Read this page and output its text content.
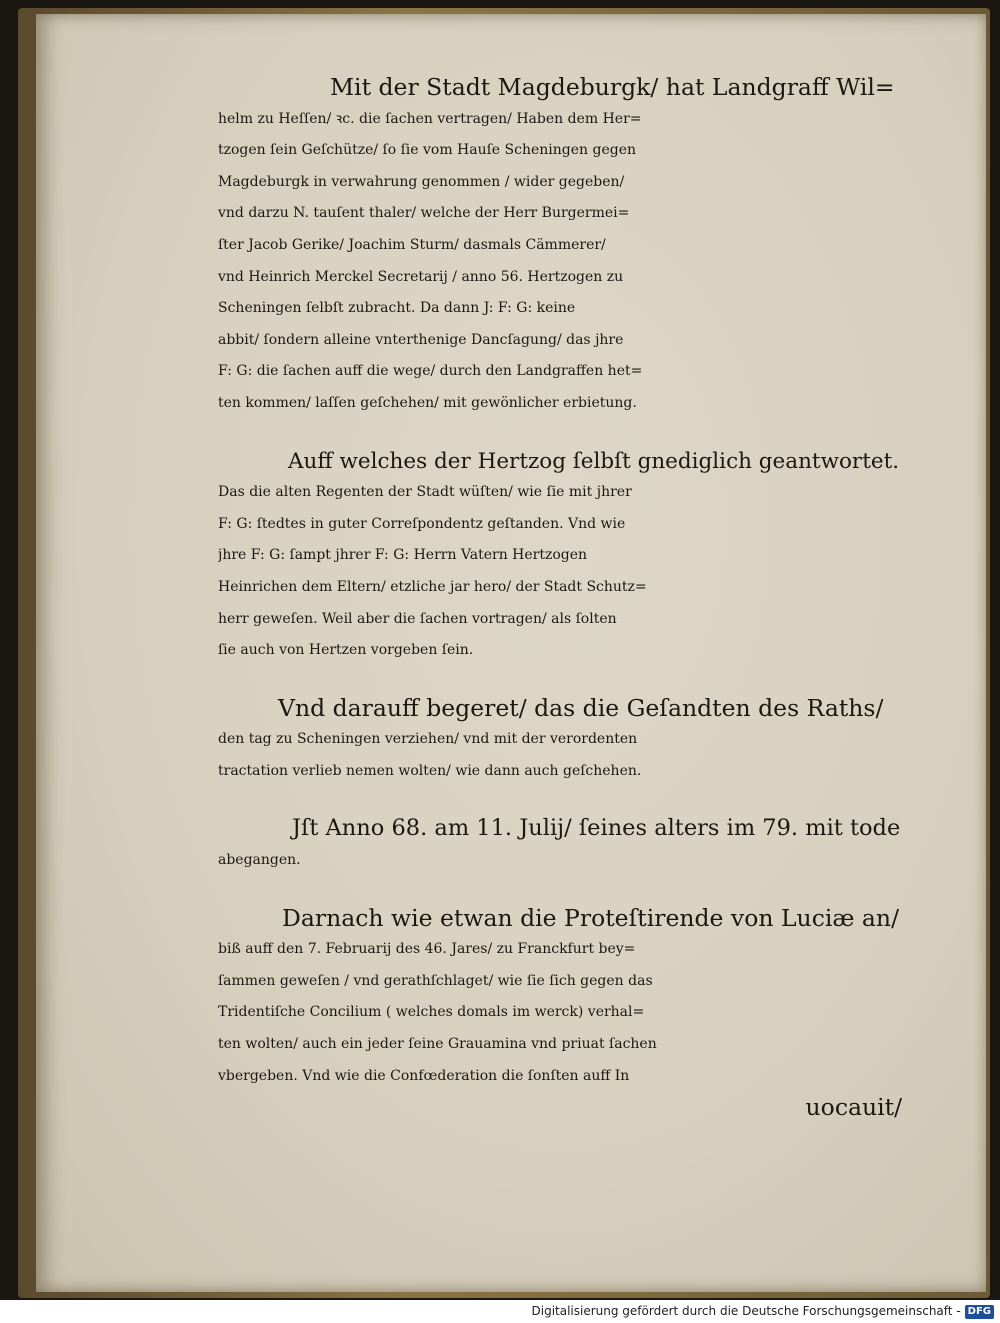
Mit der Stadt Magdeburgk/ hat Landgraff Wil=
helm zu Heſſen/ ꝛc. die ſachen vertragen/ Haben dem Her=
tzogen ſein Geſchütze/ ſo ſie vom Hauſe Scheningen gegen
Magdeburgk in verwahrung genommen / wider gegeben/
vnd darzu N. tauſent thaler/ welche der Herr Burgermei=
ſter Jacob Gerike/ Joachim Sturm/ dasmals Cämmerer/
vnd Heinrich Merckel Secretarij / anno 56. Hertzogen zu
Scheningen ſelbſt zubracht. Da dann J: F: G: keine
abbit/ ſondern alleine vnterthenige Dancſagung/ das jhre
F: G: die ſachen auff die wege/ durch den Landgraffen het=
ten kommen/ laſſen geſchehen/ mit gewönlicher erbietung.
Auff welches der Hertzog ſelbſt gnediglich geantwortet.
Das die alten Regenten der Stadt wüſten/ wie ſie mit jhrer
F: G: ſtedtes in guter Correſpondentz geſtanden. Vnd wie
jhre F: G: ſampt jhrer F: G: Herrn Vatern Hertzogen
Heinrichen dem Eltern/ etzliche jar hero/ der Stadt Schutz=
herr geweſen. Weil aber die ſachen vortragen/ als ſolten
ſie auch von Hertzen vorgeben ſein.
Vnd darauff begeret/ das die Geſandten des Raths/
den tag zu Scheningen verziehen/ vnd mit der verordenten
tractation verlieb nemen wolten/ wie dann auch geſchehen.
Jſt Anno 68. am 11. Julij/ ſeines alters im 79. mit tode
abegangen.
Darnach wie etwan die Proteſtirende von Luciæ an/
biß auff den 7. Februarij des 46. Jares/ zu Franckfurt bey=
ſammen geweſen / vnd gerathſchlaget/ wie ſie ſich gegen das
Tridentiſche Concilium ( welches domals im werck) verhal=
ten wolten/ auch ein jeder ſeine Grauamina vnd priuat ſachen
vbergeben. Vnd wie die Confœderation die ſonſten auff In
uocauit/
Digitalisierung gefördert durch die Deutsche Forschungsgemeinschaft - DFG
